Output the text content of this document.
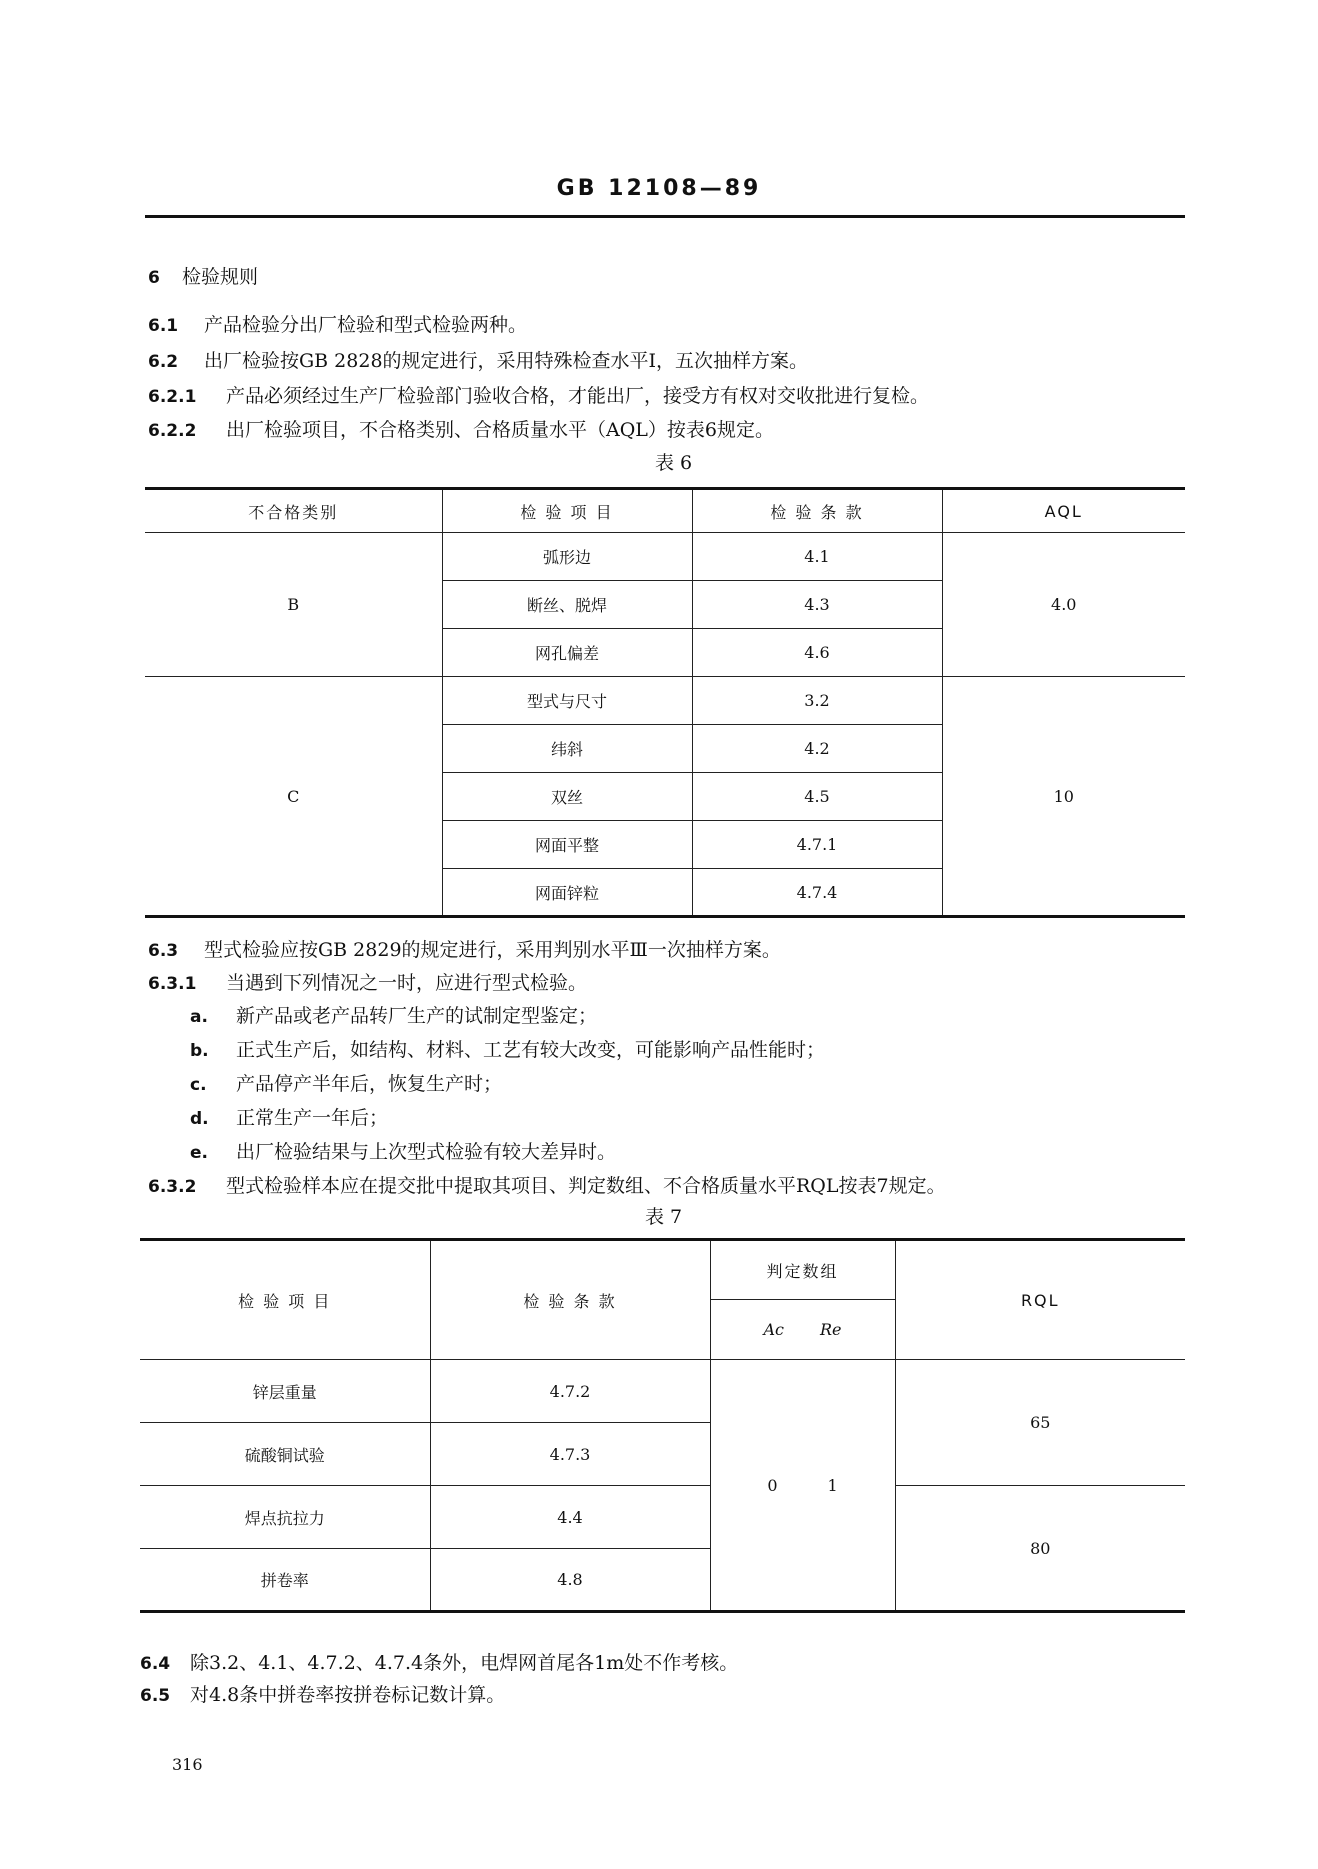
GB 12108—89
6 检验规则
6.1 产品检验分出厂检验和型式检验两种。
6.2 出厂检验按GB 2828的规定进行，采用特殊检查水平Ⅰ，五次抽样方案。
6.2.1 产品必须经过生产厂检验部门验收合格，才能出厂，接受方有权对交收批进行复检。
6.2.2 出厂检验项目，不合格类别、合格质量水平（AQL）按表6规定。
表 6
不合格类别	检 验 项 目	检 验 条 款	AQL
B	弧形边	4.1	4.0
	断丝、脱焊	4.3	
	网孔偏差	4.6	
C	型式与尺寸	3.2	10
	纬斜	4.2	
	双丝	4.5	
	网面平整	4.7.1	
	网面锌粒	4.7.4	
6.3 型式检验应按GB 2829的规定进行，采用判别水平Ⅲ一次抽样方案。
6.3.1 当遇到下列情况之一时，应进行型式检验。
a. 新产品或老产品转厂生产的试制定型鉴定；
b. 正式生产后，如结构、材料、工艺有较大改变，可能影响产品性能时；
c. 产品停产半年后，恢复生产时；
d. 正常生产一年后；
e. 出厂检验结果与上次型式检验有较大差异时。
6.3.2 型式检验样本应在提交批中提取其项目、判定数组、不合格质量水平RQL按表7规定。
表 7
检 验 项 目	检 验 条 款	判定数组	RQL
		Ac Re	
锌层重量	4.7.2	0 1	65
硫酸铜试验	4.7.3		
焊点抗拉力	4.4		80
拼卷率	4.8		
6.4 除3.2、4.1、4.7.2、4.7.4条外，电焊网首尾各1m处不作考核。
6.5 对4.8条中拼卷率按拼卷标记数计算。
316
